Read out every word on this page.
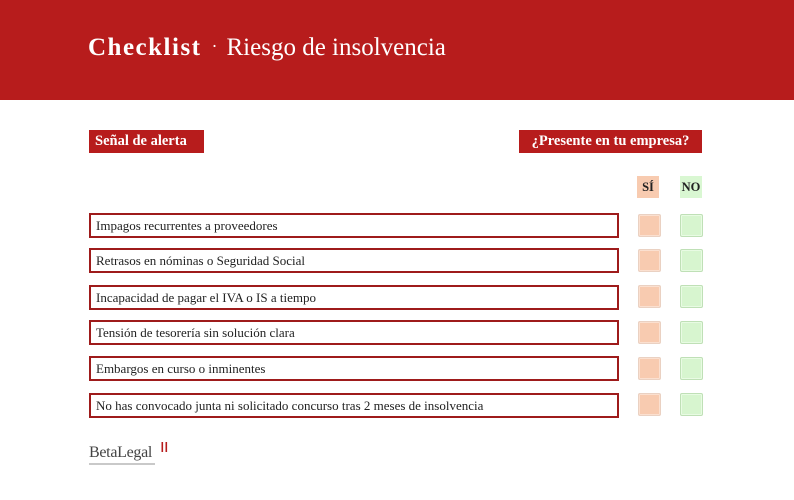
Checklist · Riesgo de insolvencia
Señal de alerta	¿Presente en tu empresa?
SÍ	NO
Impagos recurrentes a proveedores
Retrasos en nóminas o Seguridad Social
Incapacidad de pagar el IVA o IS a tiempo
Tensión de tesorería sin solución clara
Embargos en curso o inminentes
No has convocado junta ni solicitado concurso tras 2 meses de insolvencia
BetaLegal
